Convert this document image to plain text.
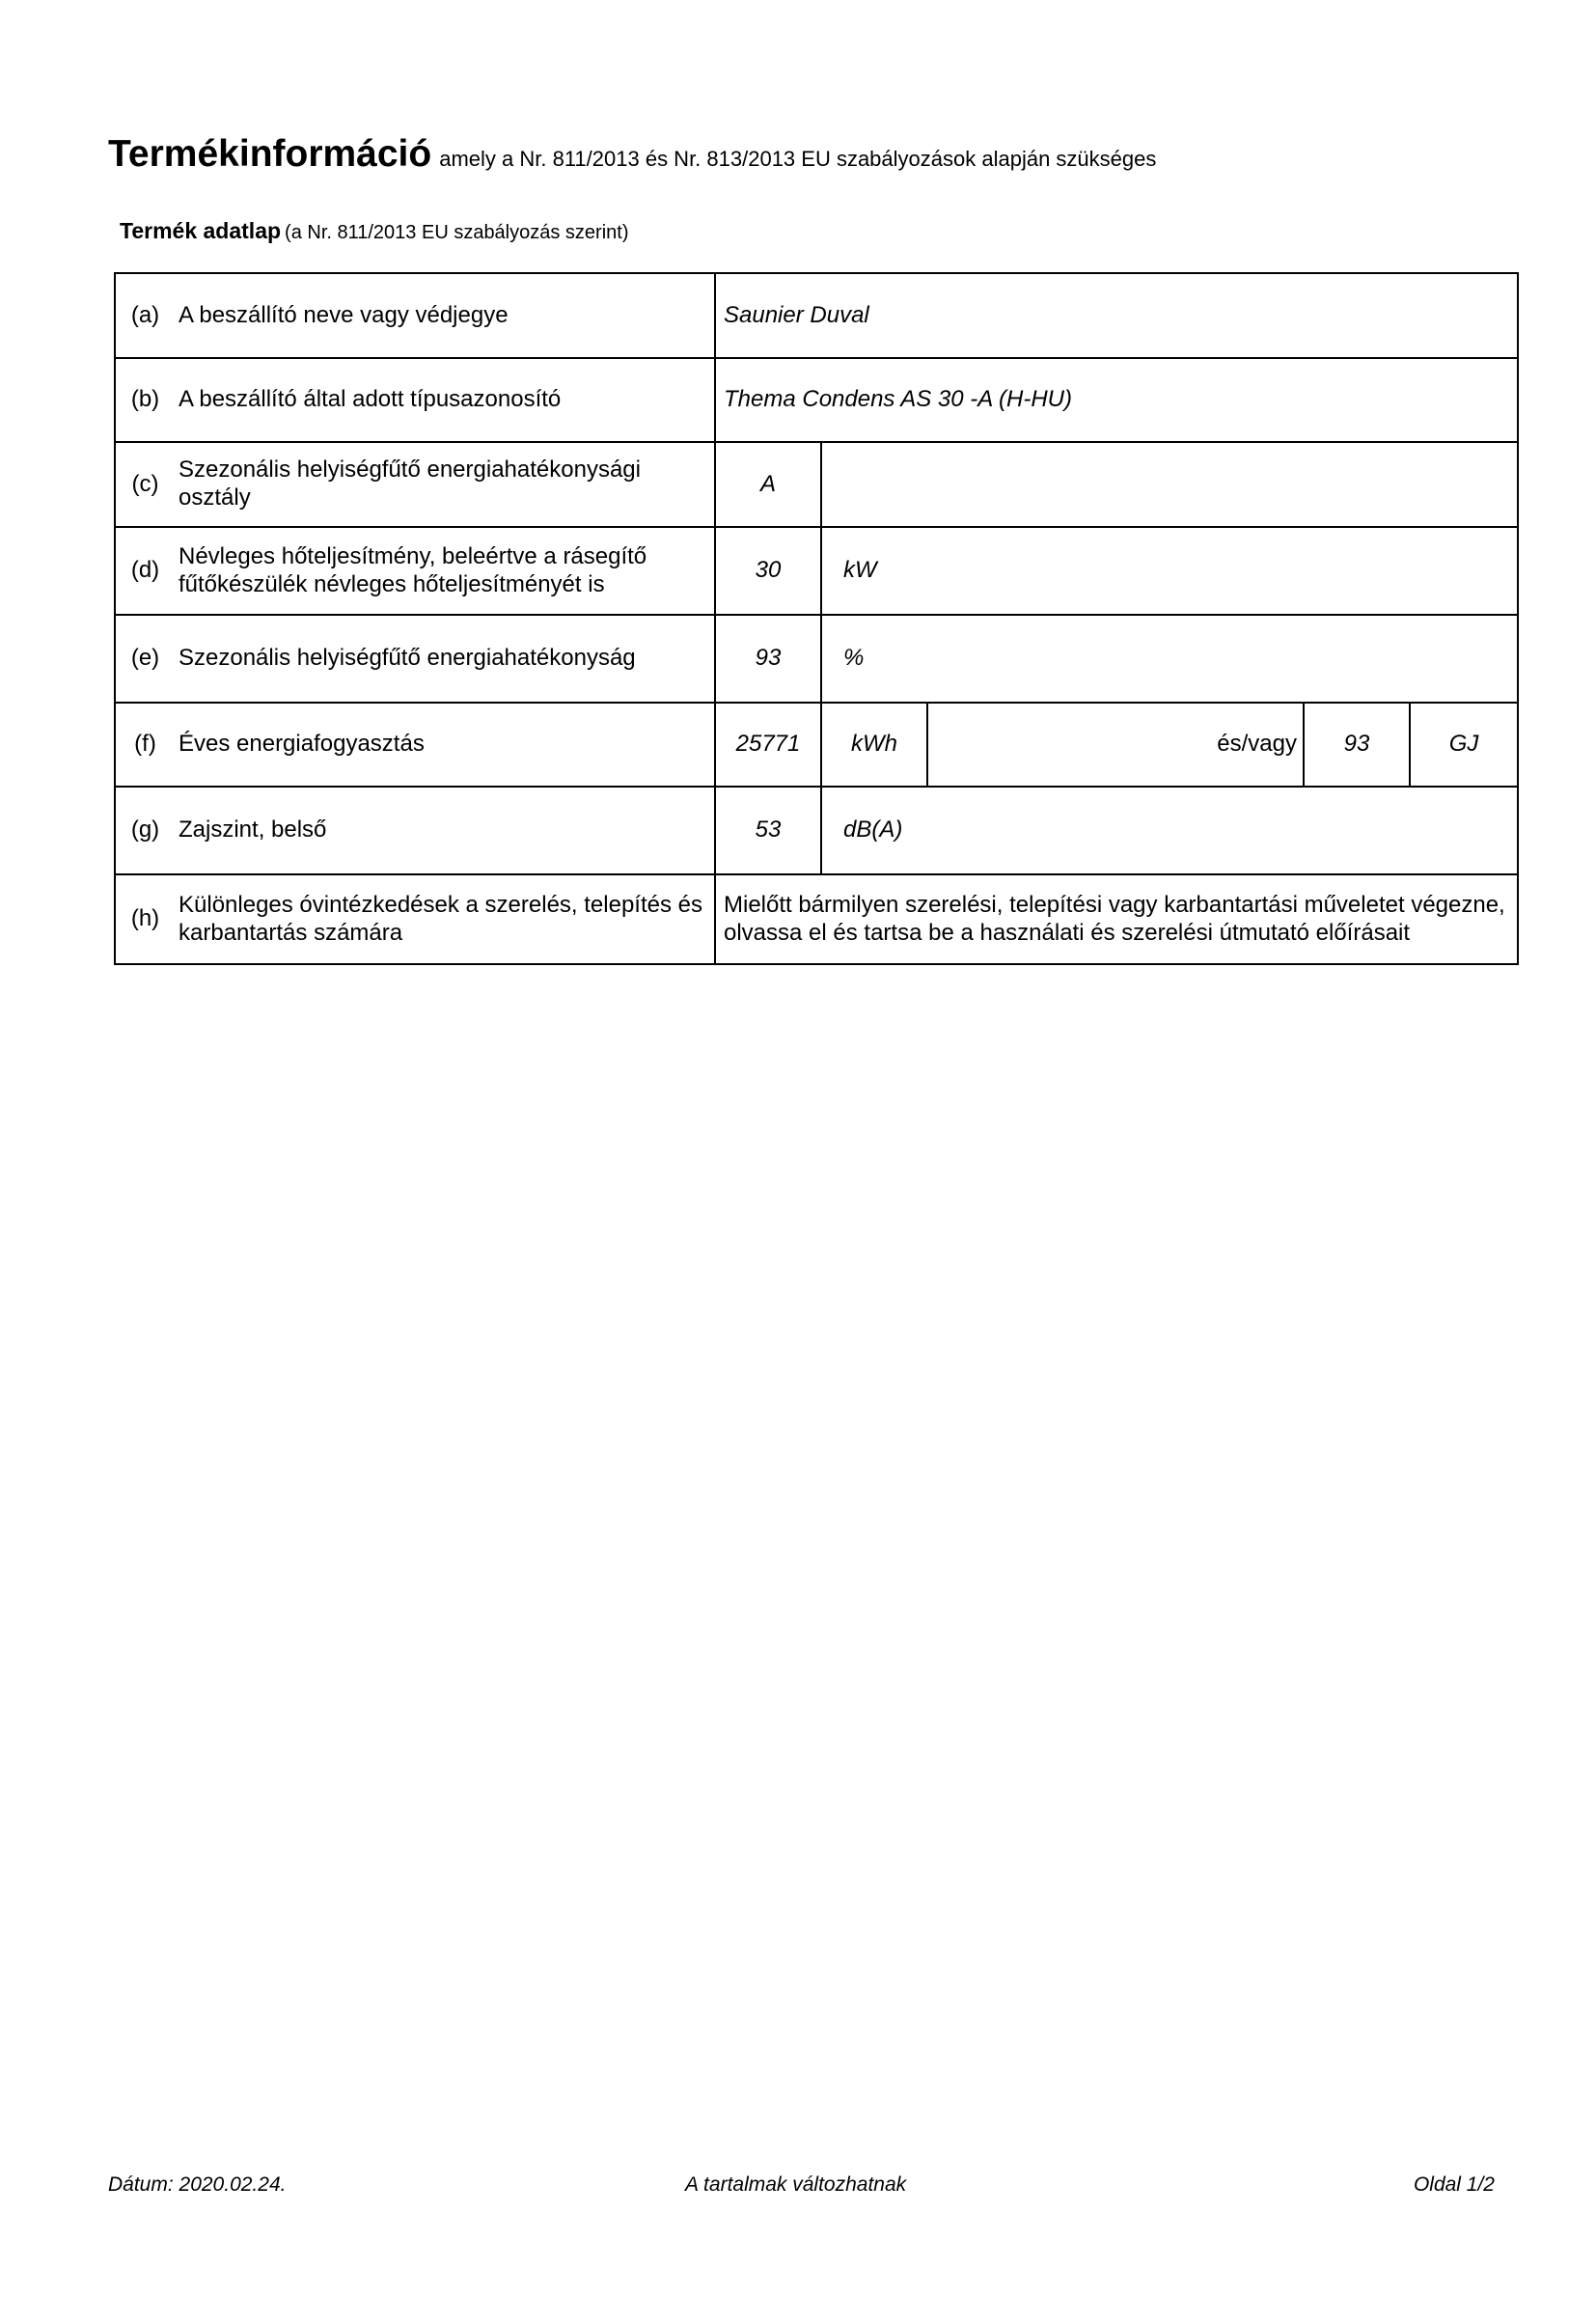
Termékinformáció amely a Nr. 811/2013 és Nr. 813/2013 EU szabályozások alapján szükséges
Termék adatlap (a Nr. 811/2013 EU szabályozás szerint)
(a)	A beszállító neve vagy védjegye	Saunier Duval				
(b)	A beszállító által adott típusazonosító	Thema Condens AS 30 -A (H-HU)				
(c)	Szezonális helyiségfűtő energiahatékonysági osztály	A				
(d)	Névleges hőteljesítmény, beleértve a rásegítő fűtőkészülék névleges hőteljesítményét is	30	kW			
(e)	Szezonális helyiségfűtő energiahatékonyság	93	%			
(f)	Éves energiafogyasztás	25771	kWh	és/vagy	93	GJ
(g)	Zajszint, belső	53	dB(A)			
(h)	Különleges óvintézkedések a szerelés, telepítés és karbantartás számára	Mielőtt bármilyen szerelési, telepítési vagy karbantartási műveletet végezne, olvassa el és tartsa be a használati és szerelési útmutató előírásait				
Dátum: 2020.02.24.	A tartalmak változhatnak	Oldal 1/2
